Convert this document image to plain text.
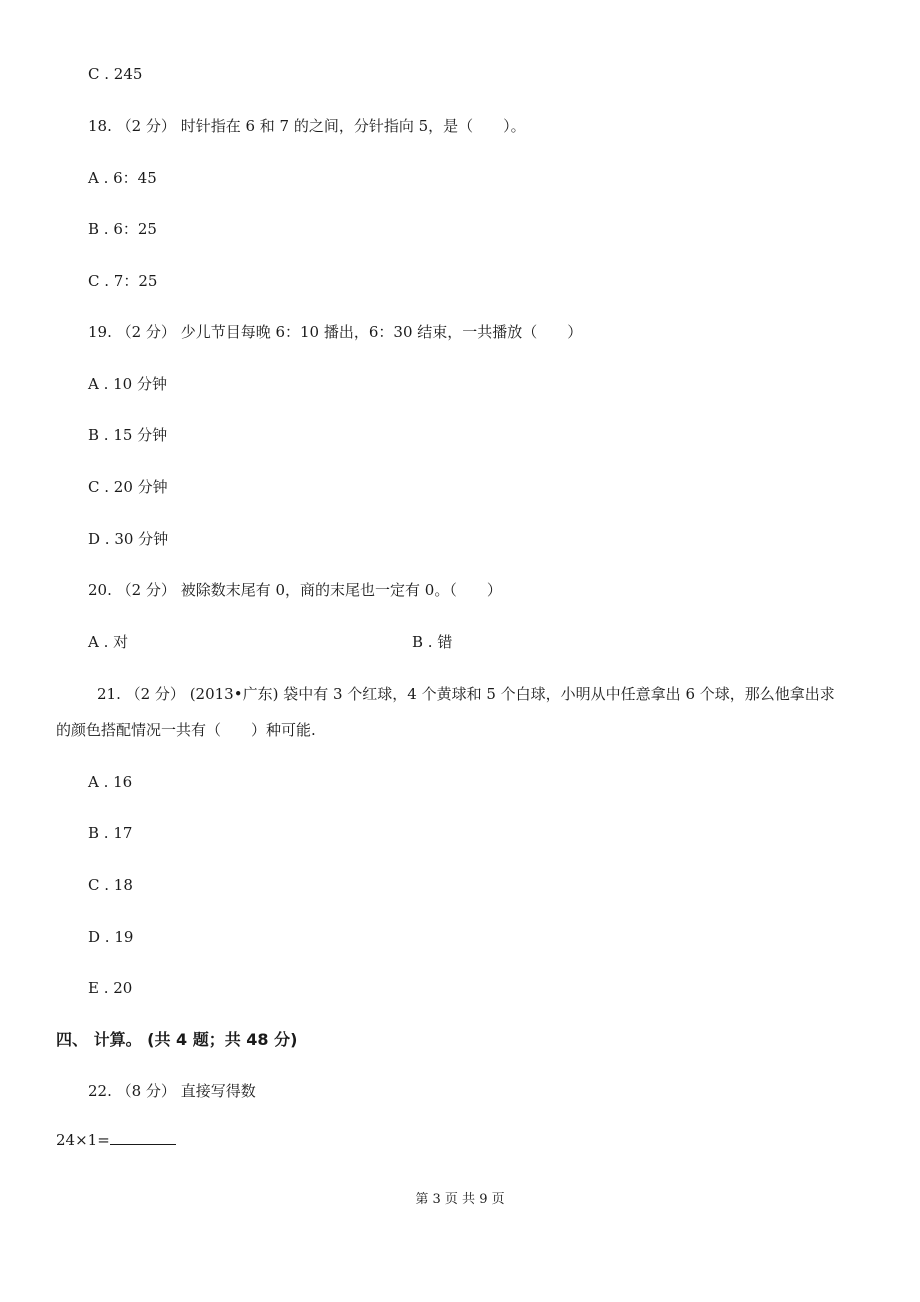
C . 245
18. （2 分） 时针指在 6 和 7 的之间，分针指向 5，是（　　）。
A . 6：45
B . 6：25
C . 7：25
19. （2 分） 少儿节目每晚 6：10 播出，6：30 结束，一共播放（　　）
A . 10 分钟
B . 15 分钟
C . 20 分钟
D . 30 分钟
20. （2 分） 被除数末尾有 0，商的末尾也一定有 0。（　　）
A . 对	B . 错
21. （2 分） (2013•广东) 袋中有 3 个红球，4 个黄球和 5 个白球，小明从中任意拿出 6 个球，那么他拿出求
的颜色搭配情况一共有（　　）种可能.
A . 16
B . 17
C . 18
D . 19
E . 20
四、 计算。 (共 4 题；共 48 分)
22. （8 分） 直接写得数
24×1=
第 3 页 共 9 页
